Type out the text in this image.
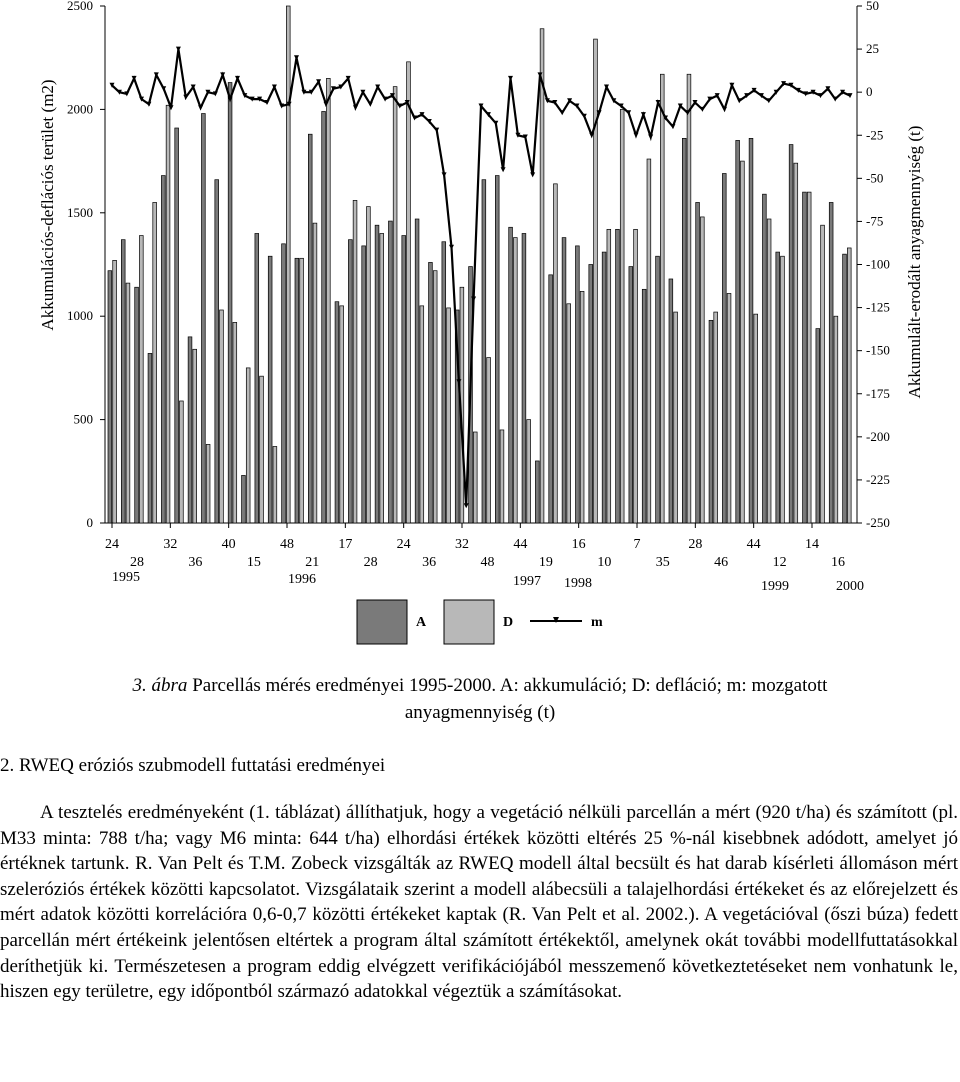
0
500
1000
1500
2000
2500	50
25
0
-25
-50
-75
-100
-125
-150
-175
-200
-225
-250
24	32	40	48	17	24	32	44	16	7	28	44	14
28	36	15	21	28	36	48	19	10	35	46	12	16
1995	1996	1997 1998	1999	2000
Akkumulációs-deflációs terület (m2)	Akkumulált-erodált anyagmennyiség (t)
A	D	m
3. ábra Parcellás mérés eredményei 1995-2000. A: akkumuláció; D: defláció; m: mozgatott anyagmennyiség (t)
2. RWEQ eróziós szubmodell futtatási eredményei

A tesztelés eredményeként (1. táblázat) állíthatjuk, hogy a vegetáció nélküli parcellán a mért (920 t/ha) és számított (pl. M33 minta: 788 t/ha; vagy M6 minta: 644 t/ha) elhordási értékek közötti eltérés 25 %-nál kisebbnek adódott, amelyet jó értéknek tartunk. R. Van Pelt és T.M. Zobeck vizsgálták az RWEQ modell által becsült és hat darab kísérleti állomáson mért szeleróziós értékek közötti kapcsolatot. Vizsgálataik szerint a modell alábecsüli a talajelhordási értékeket és az előrejelzett és mért adatok közötti korrelációra 0,6-0,7 közötti értékeket kaptak (R. Van Pelt et al. 2002.). A vegetációval (őszi búza) fedett parcellán mért értékeink jelentősen eltértek a program által számított értékektől, amelynek okát további modellfuttatásokkal deríthetjük ki. Természetesen a program eddig elvégzett verifikációjából messzemenő következtetéseket nem vonhatunk le, hiszen egy területre, egy időpontból származó adatokkal végeztük a számításokat.
